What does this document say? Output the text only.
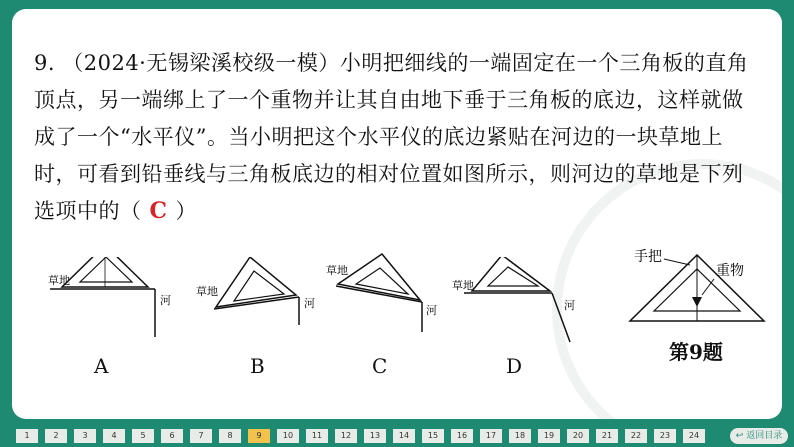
9. （2024·无锡梁溪校级一模）小明把细线的一端固定在一个三角板的直角顶点，另一端绑上了一个重物并让其自由地下垂于三角板的底边，这样就做成了一个“水平仪”。当小明把这个水平仪的底边紧贴在河边的一块草地上时，可看到铅垂线与三角板底边的相对位置如图所示，则河边的草地是下列选项中的（ C ）
草地
河
A
草地
河
B
草地
河
C
草地
河
D
手把
重物
第9题
1	2	3	4	5	6	7	8	9	10	11	12	13	14	15	16	17	18	19	20	21	22	23	24	↩ 返回目录
